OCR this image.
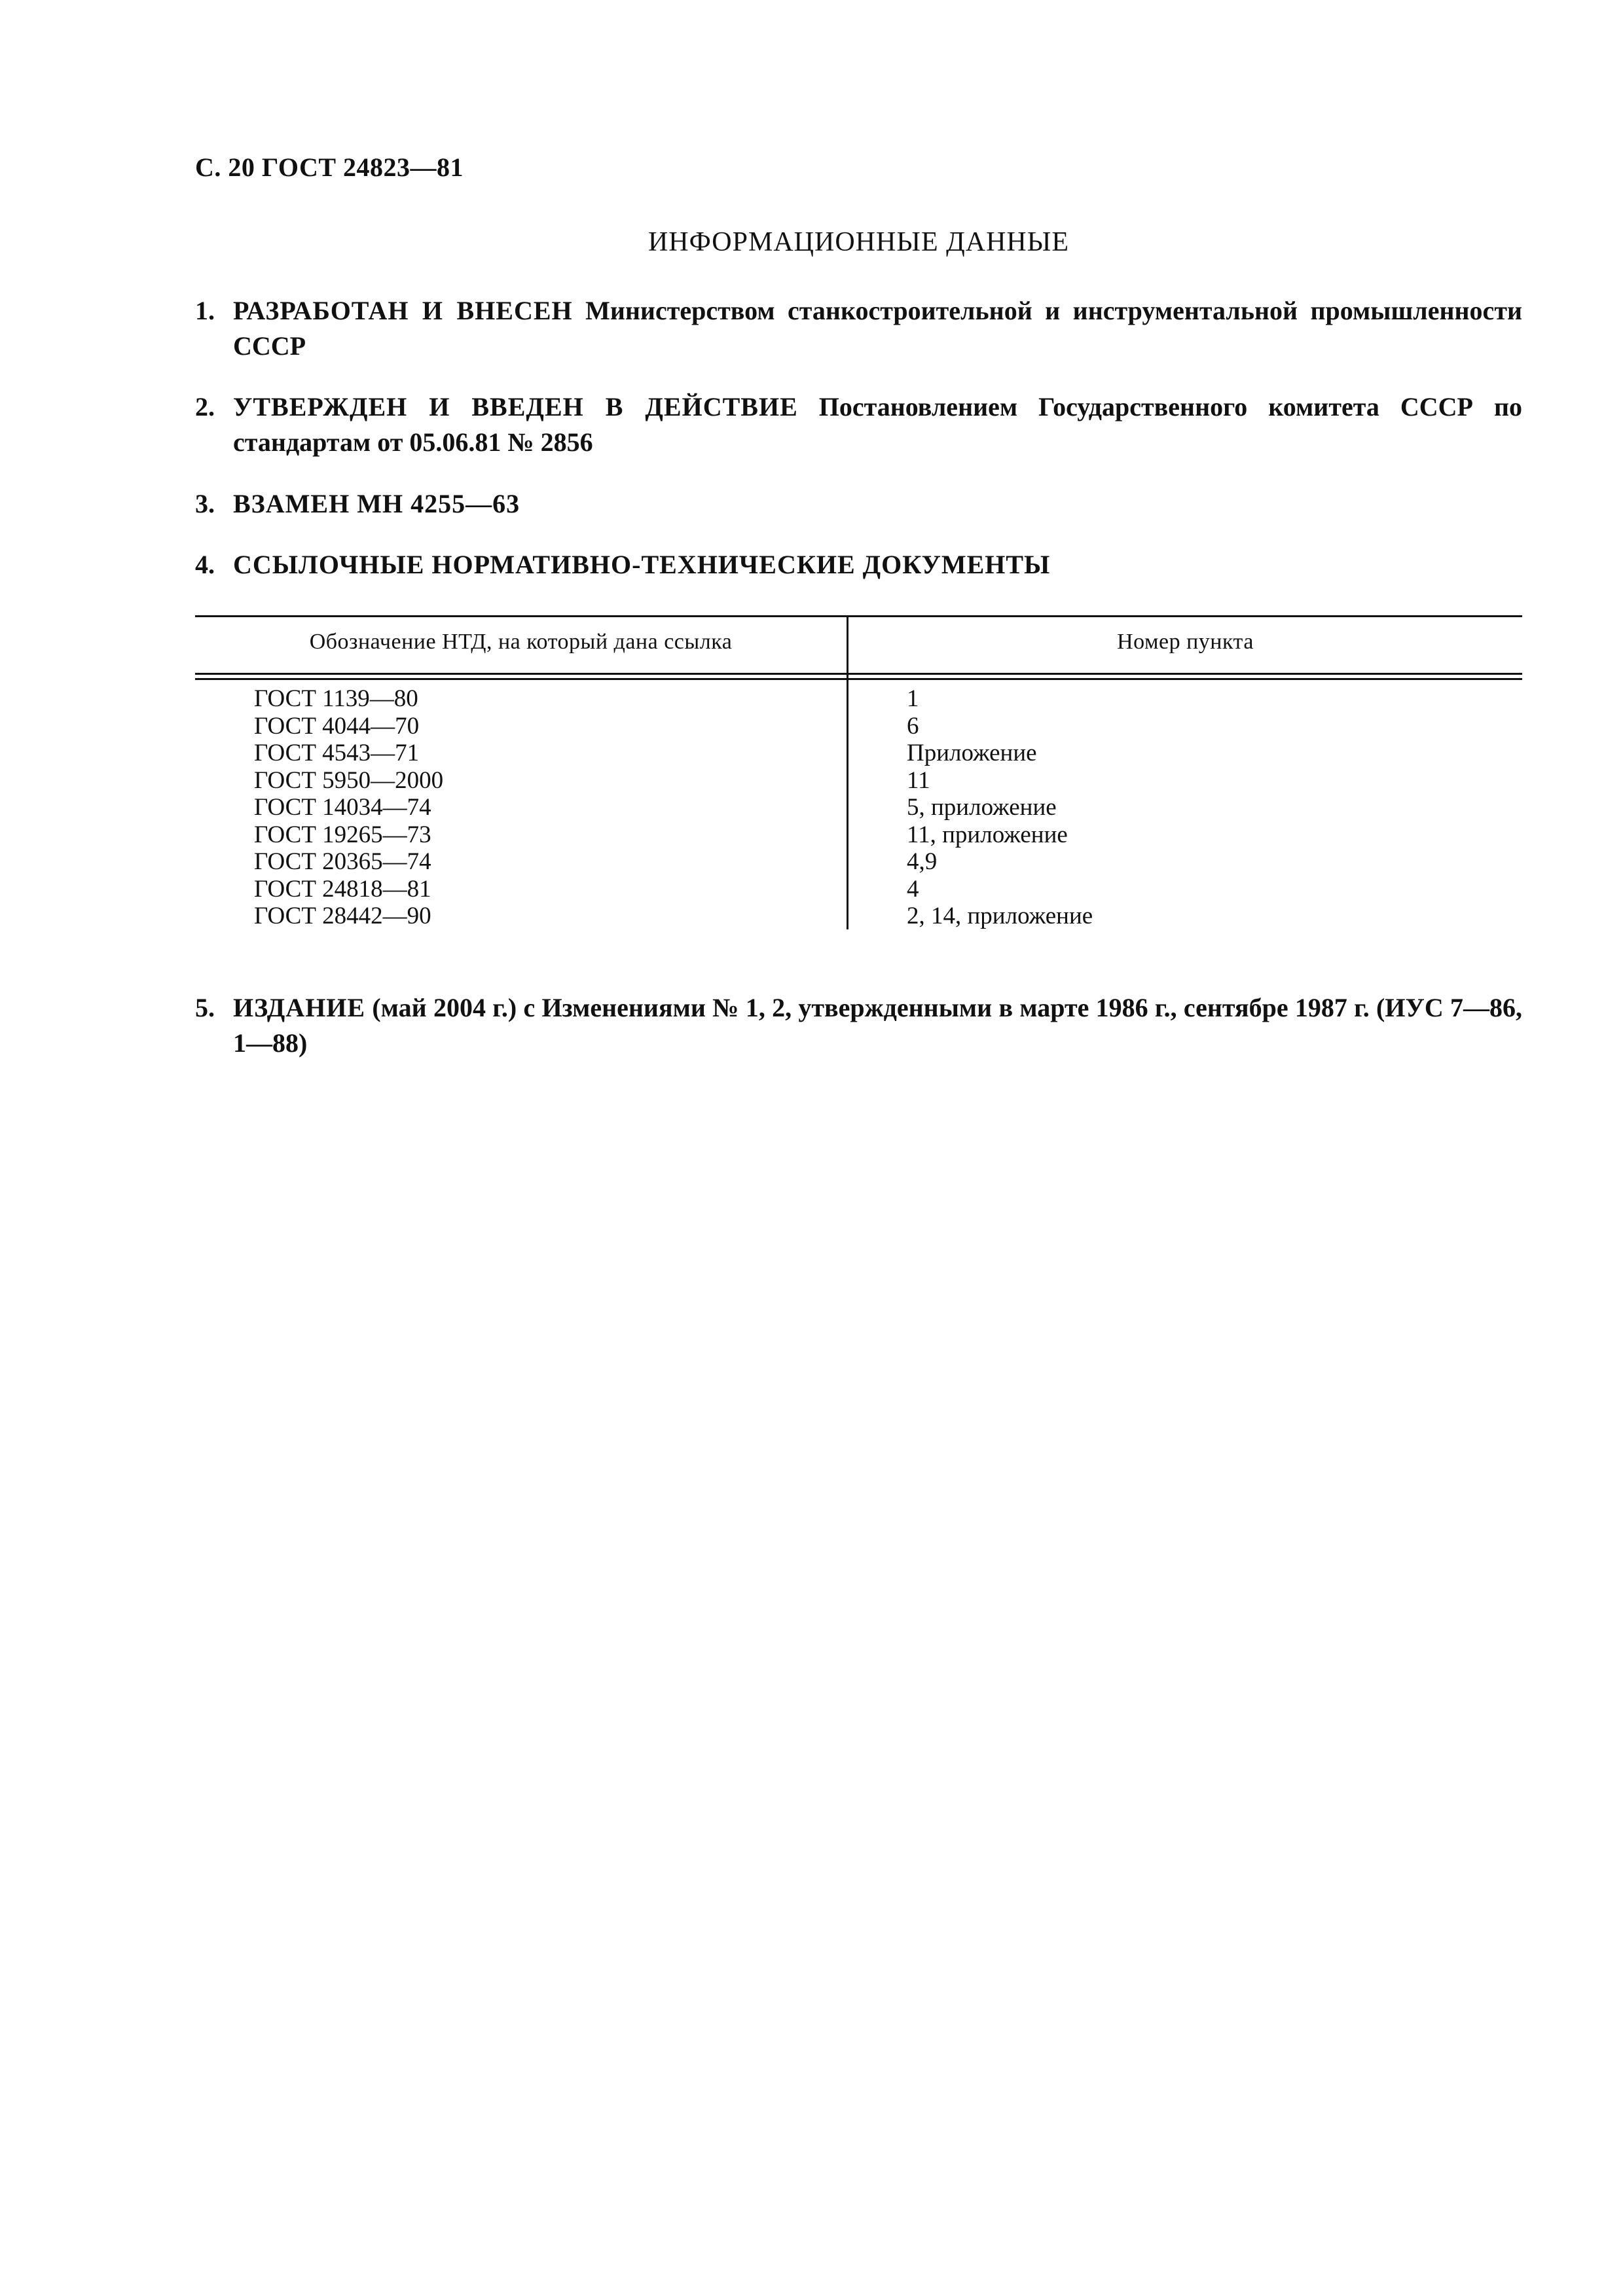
С. 20 ГОСТ 24823—81
ИНФОРМАЦИОННЫЕ ДАННЫЕ
1. РАЗРАБОТАН И ВНЕСЕН Министерством станкостроительной и инструментальной промышленности СССР
2. УТВЕРЖДЕН И ВВЕДЕН В ДЕЙСТВИЕ Постановлением Государственного комитета СССР по стандартам от 05.06.81 № 2856
3. ВЗАМЕН МН 4255—63
4. ССЫЛОЧНЫЕ НОРМАТИВНО-ТЕХНИЧЕСКИЕ ДОКУМЕНТЫ
Обозначение НТД, на который дана ссылка	Номер пункта
ГОСТ 1139—80
ГОСТ 4044—70
ГОСТ 4543—71
ГОСТ 5950—2000
ГОСТ 14034—74
ГОСТ 19265—73
ГОСТ 20365—74
ГОСТ 24818—81
ГОСТ 28442—90
1
6
Приложение
11
5, приложение
11, приложение
4,9
4
2, 14, приложение
5. ИЗДАНИЕ (май 2004 г.) с Изменениями № 1, 2, утвержденными в марте 1986 г., сентябре 1987 г. (ИУС 7—86, 1—88)
